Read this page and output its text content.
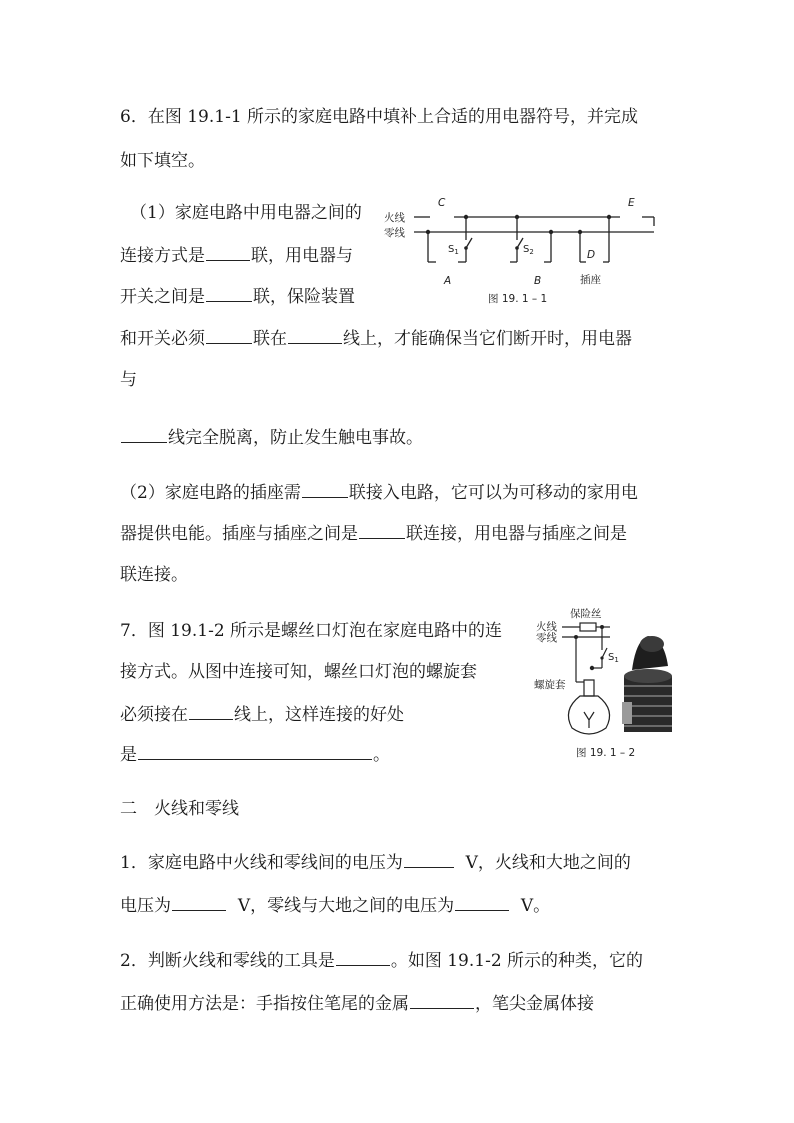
6．在图 19.1-1 所示的家庭电路中填补上合适的用电器符号，并完成
如下填空。
（1）家庭电路中用电器之间的
连接方式是	联，用电器与
开关之间是	联，保险装置
和开关必须	联在	线上，才能确保当它们断开时，用电器
与
线完全脱离，防止发生触电事故。
（2）家庭电路的插座需	联接入电路，它可以为可移动的家用电
器提供电能。插座与插座之间是	联连接，用电器与插座之间是
联连接。
火线
零线
C	E
$S_1$	$S_2$
A	B
D
插座
图 19. 1 – 1
7．图 19.1-2 所示是螺丝口灯泡在家庭电路中的连
接方式。从图中连接可知，螺丝口灯泡的螺旋套
必须接在	线上，这样连接的好处
是	。
火线
零线
保险丝
$S_1$
螺旋套
图 19. 1 – 2
二　火线和零线
1．家庭电路中火线和零线间的电压为	V，火线和大地之间的
电压为	V，零线与大地之间的电压为	V。
2．判断火线和零线的工具是	。如图 19.1-2 所示的种类，它的
正确使用方法是：手指按住笔尾的金属	，笔尖金属体接
